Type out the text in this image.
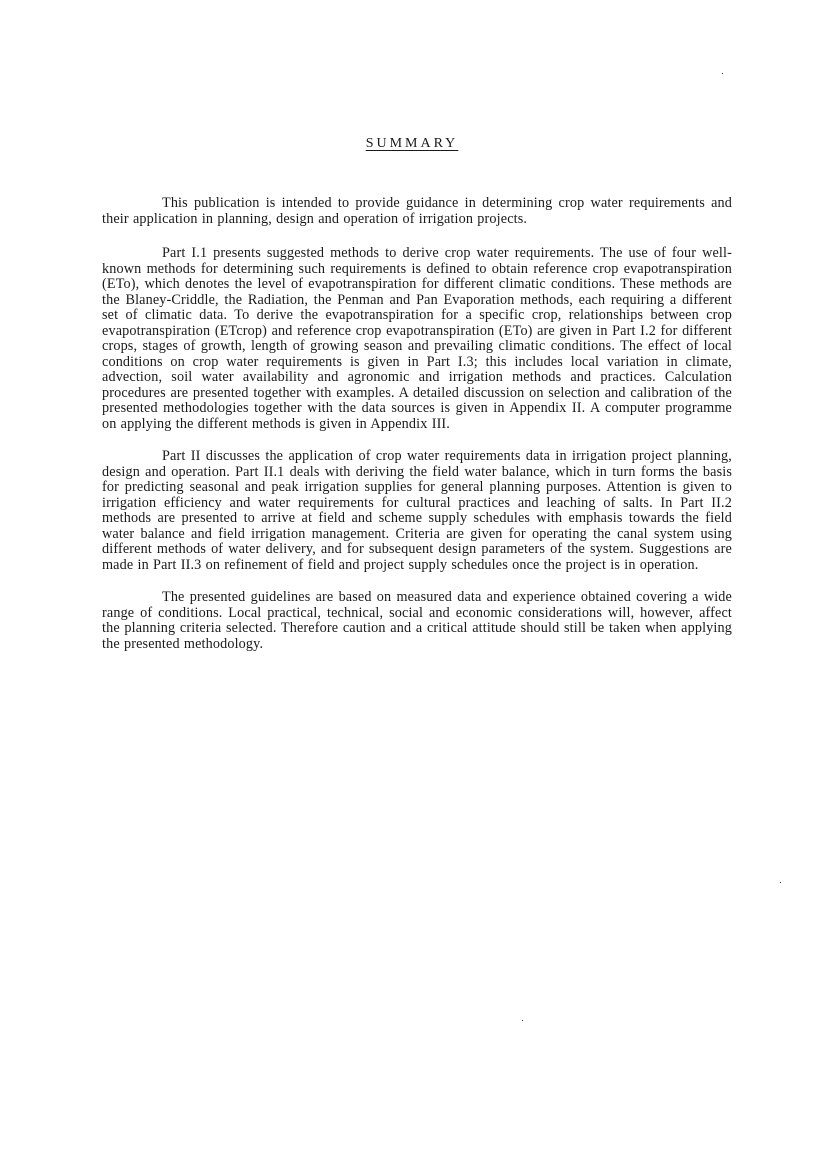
SUMMARY

This publication is intended to provide guidance in determining crop water requirements and their application in planning, design and operation of irrigation projects.

Part I.1 presents suggested methods to derive crop water requirements. The use of four well-known methods for determining such requirements is defined to obtain reference crop evapotranspiration (ETo), which denotes the level of evapotranspiration for different climatic conditions. These methods are the Blaney-Criddle, the Radiation, the Penman and Pan Evaporation methods, each requiring a different set of climatic data. To derive the evapotranspiration for a specific crop, relationships between crop evapotranspiration (ETcrop) and reference crop evapotranspiration (ETo) are given in Part I.2 for different crops, stages of growth, length of growing season and prevailing climatic conditions. The effect of local conditions on crop water requirements is given in Part I.3; this includes local variation in climate, advection, soil water availability and agronomic and irrigation methods and practices. Calculation procedures are presented together with examples. A detailed discussion on selection and calibration of the presented methodologies together with the data sources is given in Appendix II. A computer programme on applying the different methods is given in Appendix III.

Part II discusses the application of crop water requirements data in irrigation project planning, design and operation. Part II.1 deals with deriving the field water balance, which in turn forms the basis for predicting seasonal and peak irrigation supplies for general planning purposes. Attention is given to irrigation efficiency and water requirements for cultural practices and leaching of salts. In Part II.2 methods are presented to arrive at field and scheme supply schedules with emphasis towards the field water balance and field irrigation management. Criteria are given for operating the canal system using different methods of water delivery, and for subsequent design parameters of the system. Suggestions are made in Part II.3 on refinement of field and project supply schedules once the project is in operation.

The presented guidelines are based on measured data and experience obtained covering a wide range of conditions. Local practical, technical, social and economic considerations will, however, affect the planning criteria selected. Therefore caution and a critical attitude should still be taken when applying the presented methodology.
